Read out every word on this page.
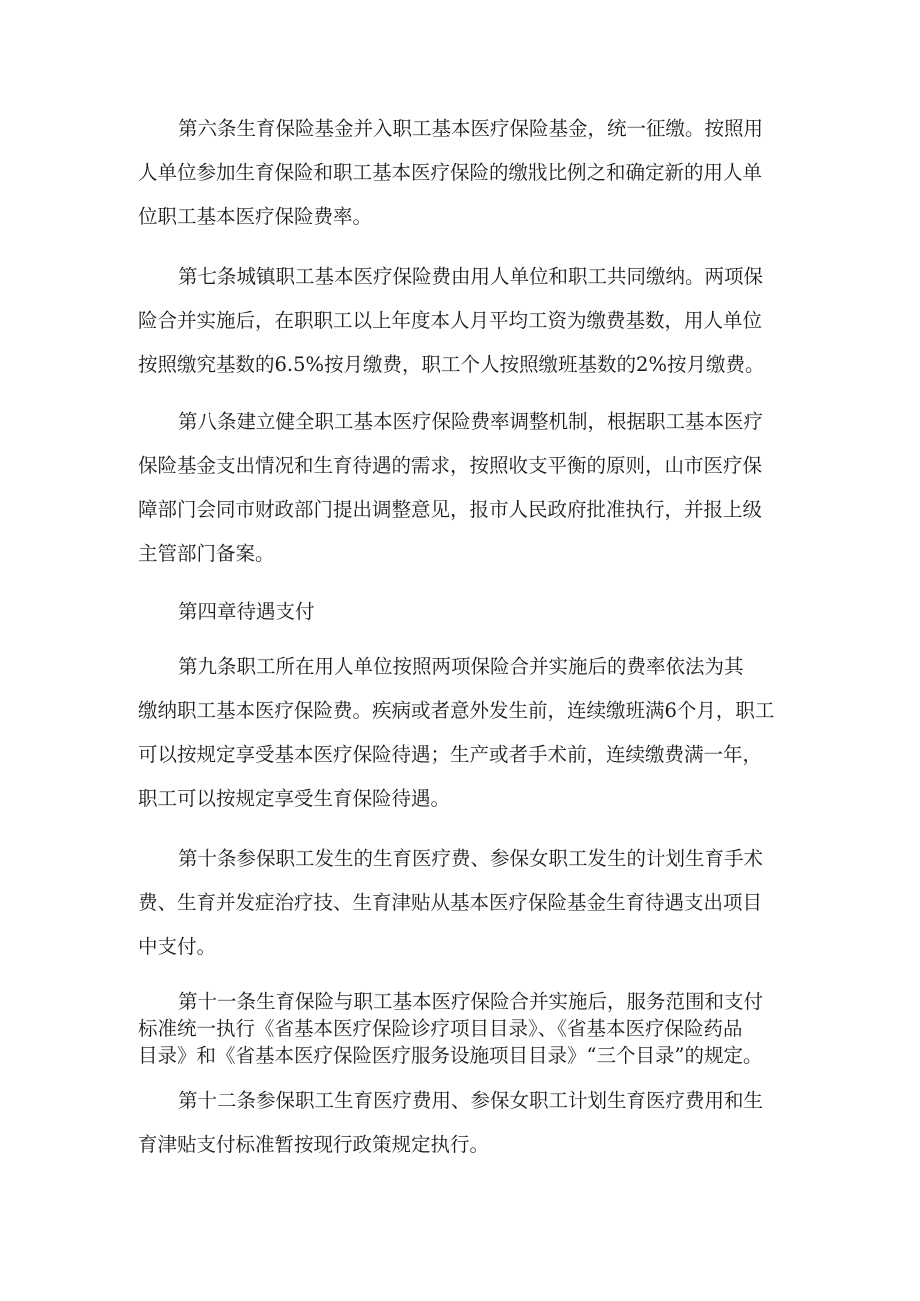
第六条生育保险基金并入职工基本医疗保险基金，统一征缴。按照用
人单位参加生育保险和职工基本医疗保险的缴戕比例之和确定新的用人单
位职工基本医疗保险费率。
第七条城镇职工基本医疗保险费由用人单位和职工共同缴纳。两项保
险合并实施后，在职职工以上年度本人月平均工资为缴费基数，用人单位
按照缴究基数的6.5%按月缴费，职工个人按照缴班基数的2%按月缴费。
第八条建立健全职工基本医疗保险费率调整机制，根据职工基本医疗
保险基金支出情况和生育待遇的需求，按照收支平衡的原则，山市医疗保
障部门会同市财政部门提出调整意见，报市人民政府批准执行，并报上级
主管部门备案。
第四章待遇支付
第九条职工所在用人单位按照两项保险合并实施后的费率依法为其
缴纳职工基本医疗保险费。疾病或者意外发生前，连续缴班满6个月，职工
可以按规定享受基本医疗保险待遇；生产或者手术前，连续缴费满一年，
职工可以按规定享受生育保险待遇。
第十条参保职工发生的生育医疗费、参保女职工发生的计划生育手术
费、生育并发症治疗技、生育津贴从基本医疗保险基金生育待遇支出项目
中支付。
第十一条生育保险与职工基本医疗保险合并实施后，服务范围和支付
标准统一执行《省基本医疗保险诊疗项目目录》、《省基本医疗保险药品
目录》和《省基本医疗保险医疗服务设施项目目录》“三个目录”的规定。
第十二条参保职工生育医疗费用、参保女职工计划生育医疗费用和生
育津贴支付标准暂按现行政策规定执行。
